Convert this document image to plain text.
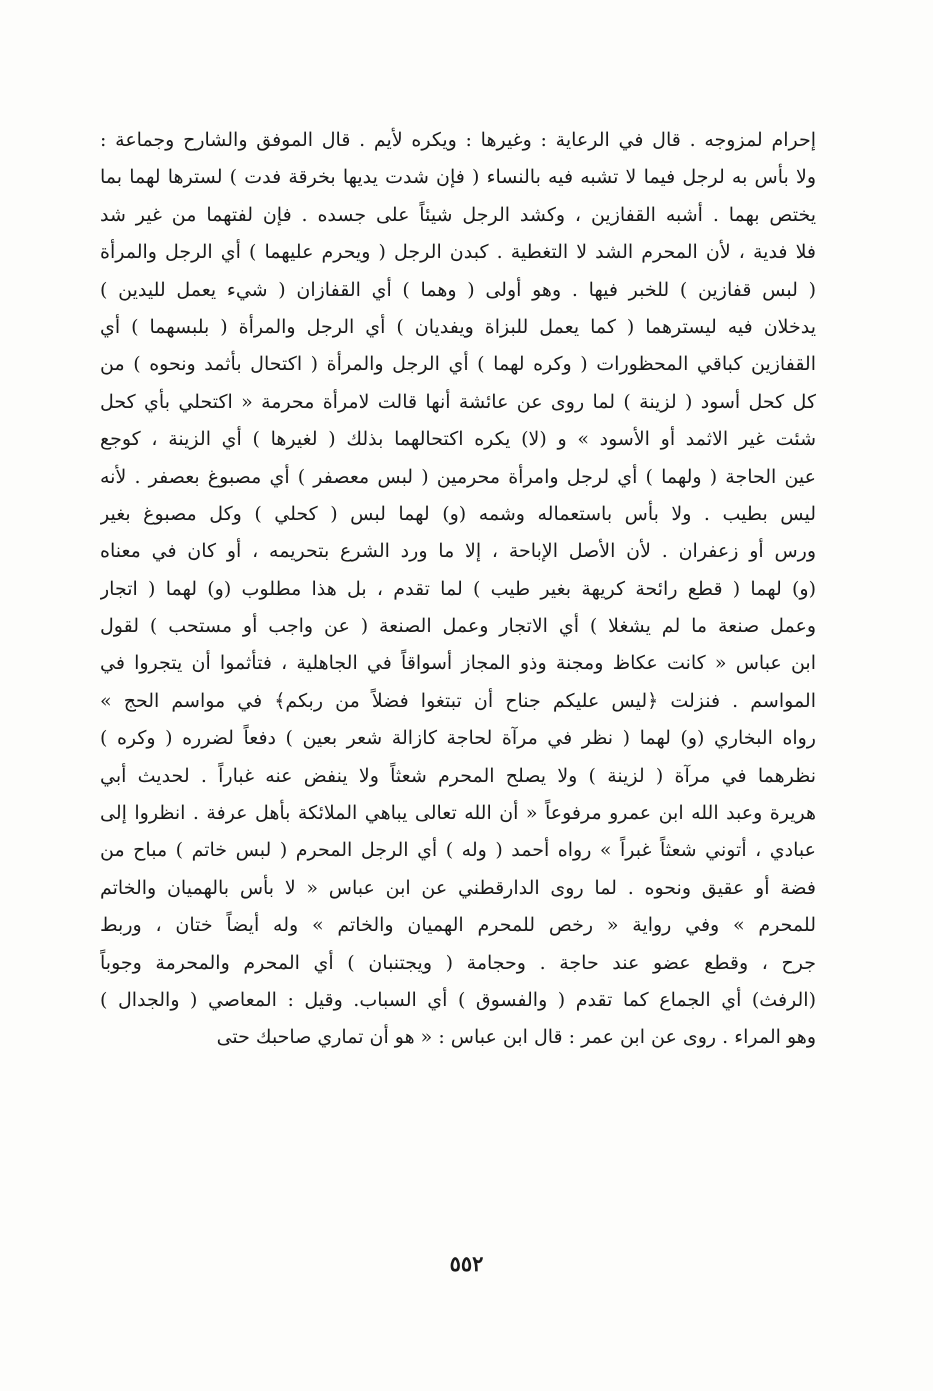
إحرام لمزوجه . قال في الرعاية : وغيرها : ويكره لأيم . قال الموفق والشارح وجماعة :
ولا بأس به لرجل فيما لا تشبه فيه بالنساء ( فإن شدت يديها بخرقة فدت ) لسترها لهما بما
يختص بهما . أشبه القفازين ، وكشد الرجل شيئاً على جسده . فإن لفتهما من غير شد
فلا فدية ، لأن المحرم الشد لا التغطية . كبدن الرجل ( ويحرم عليهما ) أي الرجل والمرأة
( لبس قفازين ) للخبر فيها . وهو أولى ( وهما ) أي القفازان ( شيء يعمل لليدين )
يدخلان فيه ليسترهما ( كما يعمل للبزاة ويفديان ) أي الرجل والمرأة ( بلبسهما ) أي
القفازين كباقي المحظورات ( وكره لهما ) أي الرجل والمرأة ( اكتحال بأثمد ونحوه ) من
كل كحل أسود ( لزينة ) لما روى عن عائشة أنها قالت لامرأة محرمة « اكتحلي بأي كحل
شئت غير الاثمد أو الأسود » و (لا) يكره اكتحالهما بذلك ( لغيرها ) أي الزينة ، كوجع
عين الحاجة ( ولهما ) أي لرجل وامرأة محرمين ( لبس معصفر ) أي مصبوغ بعصفر . لأنه
ليس بطيب . ولا بأس باستعماله وشمه (و) لهما لبس ( كحلي ) وكل مصبوغ بغير
ورس أو زعفران . لأن الأصل الإباحة ، إلا ما ورد الشرع بتحريمه ، أو كان في معناه
(و) لهما ( قطع رائحة كريهة بغير طيب ) لما تقدم ، بل هذا مطلوب (و) لهما ( اتجار
وعمل صنعة ما لم يشغلا ) أي الاتجار وعمل الصنعة ( عن واجب أو مستحب ) لقول
ابن عباس « كانت عكاظ ومجنة وذو المجاز أسواقاً في الجاهلية ، فتأثموا أن يتجروا في
المواسم . فنزلت ﴿ليس عليكم جناح أن تبتغوا فضلاً من ربكم﴾ في مواسم الحج »
رواه البخاري (و) لهما ( نظر في مرآة لحاجة كازالة شعر بعين ) دفعاً لضرره ( وكره )
نظرهما في مرآة ( لزينة ) ولا يصلح المحرم شعثاً ولا ينفض عنه غباراً . لحديث أبي
هريرة وعبد الله ابن عمرو مرفوعاً « أن الله تعالى يباهي الملائكة بأهل عرفة . انظروا إلى
عبادي ، أتوني شعثاً غبراً » رواه أحمد ( وله ) أي الرجل المحرم ( لبس خاتم ) مباح من
فضة أو عقيق ونحوه . لما روى الدارقطني عن ابن عباس « لا بأس بالهميان والخاتم
للمحرم » وفي رواية « رخص للمحرم الهميان والخاتم » وله أيضاً ختان ، وربط
جرح ، وقطع عضو عند حاجة . وحجامة ( ويجتنبان ) أي المحرم والمحرمة وجوباً
(الرفث) أي الجماع كما تقدم ( والفسوق ) أي السباب. وقيل : المعاصي ( والجدال )
وهو المراء . روى عن ابن عمر : قال ابن عباس : « هو أن تماري صاحبك حتى
٥٥٢
